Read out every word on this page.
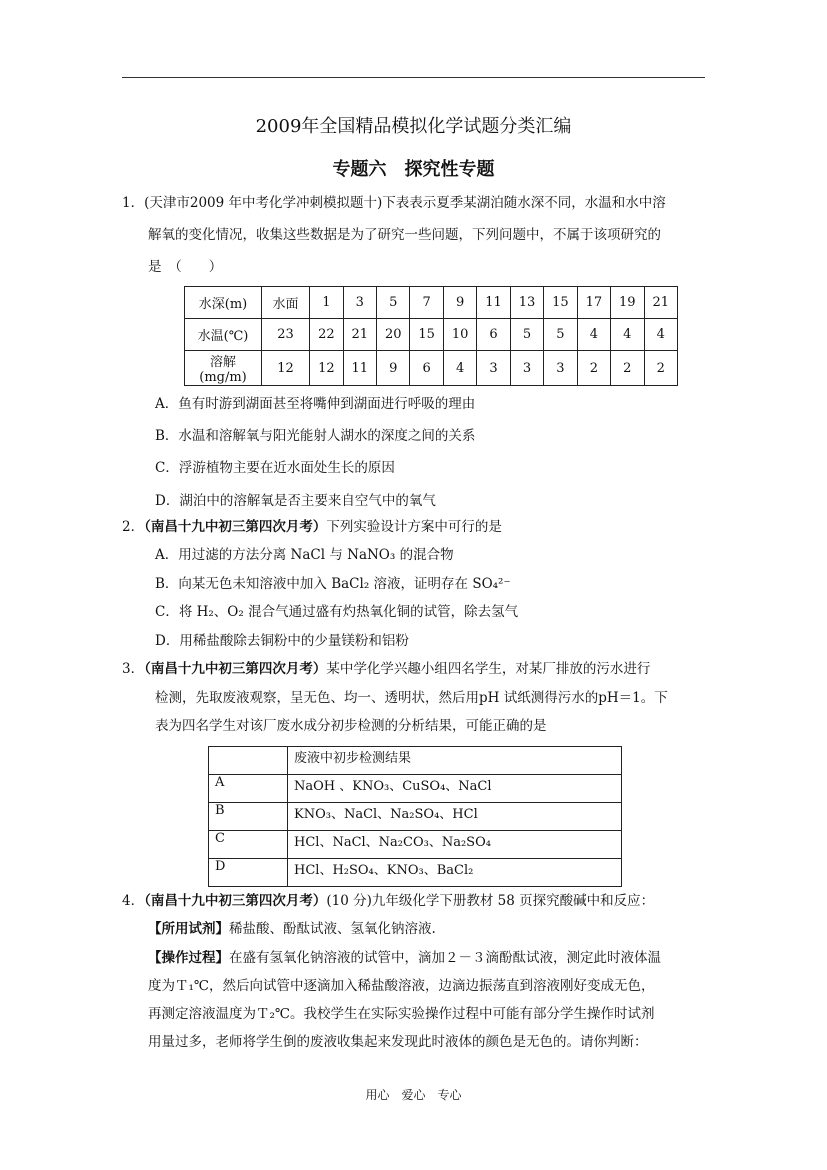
2009年全国精品模拟化学试题分类汇编
专题六　探究性专题
1．(天津市2009 年中考化学冲刺模拟题十)下表表示夏季某湖泊随水深不同，水温和水中溶
解氧的变化情况，收集这些数据是为了研究一些问题，下列问题中，不属于该项研究的
是　（　　）
水深(m)	水面	1	3	5	7	9	11	13	15	17	19	21
水温(℃)	23	22	21	20	15	10	6	5	5	4	4	4
溶解(mg/m)	12	12	11	9	6	4	3	3	3	2	2	2
A．鱼有时游到湖面甚至将嘴伸到湖面进行呼吸的理由
B．水温和溶解氧与阳光能射人湖水的深度之间的关系
C．浮游植物主要在近水面处生长的原因
D．湖泊中的溶解氧是否主要来自空气中的氧气
2．（南昌十九中初三第四次月考）下列实验设计方案中可行的是
A．用过滤的方法分离 NaCl 与 NaNO₃ 的混合物
B．向某无色未知溶液中加入 BaCl₂ 溶液，证明存在 SO₄²⁻
C．将 H₂、O₂ 混合气通过盛有灼热氧化铜的试管，除去氢气
D．用稀盐酸除去铜粉中的少量镁粉和铝粉
3．（南昌十九中初三第四次月考）某中学化学兴趣小组四名学生，对某厂排放的污水进行
检测，先取废液观察，呈无色、均一、透明状，然后用pH 试纸测得污水的pH＝1。下
表为四名学生对该厂废水成分初步检测的分析结果，可能正确的是
	废液中初步检测结果
A	NaOH 、KNO₃、CuSO₄、NaCl
B	KNO₃、NaCl、Na₂SO₄、HCl
C	HCl、NaCl、Na₂CO₃、Na₂SO₄
D	HCl、H₂SO₄、KNO₃、BaCl₂
4．（南昌十九中初三第四次月考）(10 分)九年级化学下册教材 58 页探究酸碱中和反应：
【所用试剂】稀盐酸、酚酞试液、氢氧化钠溶液.
【操作过程】在盛有氢氧化钠溶液的试管中，滴加２－３滴酚酞试液，测定此时液体温
度为Ｔ₁℃，然后向试管中逐滴加入稀盐酸溶液，边滴边振荡直到溶液刚好变成无色，
再测定溶液温度为Ｔ₂℃。我校学生在实际实验操作过程中可能有部分学生操作时试剂
用量过多，老师将学生倒的废液收集起来发现此时液体的颜色是无色的。请你判断：
用心　爱心　专心
